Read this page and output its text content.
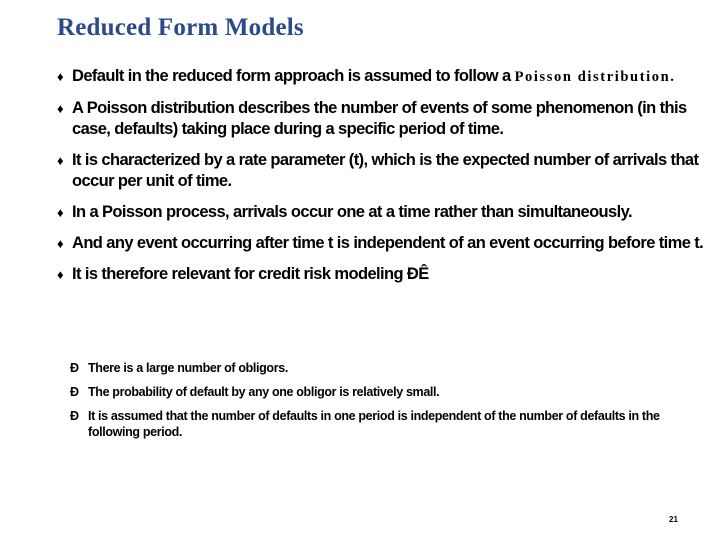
Reduced Form Models
♦ Default in the reduced form approach is assumed to follow a Poisson distribution.
♦ A Poisson distribution describes the number of events of some phenomenon (in this case, defaults) taking place during a specific period of time.
♦ It is characterized by a rate parameter (t), which is the expected number of arrivals that occur per unit of time.
♦ In a Poisson process, arrivals occur one at a time rather than simultaneously.
♦ And any event occurring after time t is independent of an event occurring before time t.
♦ It is therefore relevant for credit risk modeling ÐÊ
Ð There is a large number of obligors.
Ð The probability of default by any one obligor is relatively small.
Ð It is assumed that the number of defaults in one period is independent of the number of defaults in the following period.
21
